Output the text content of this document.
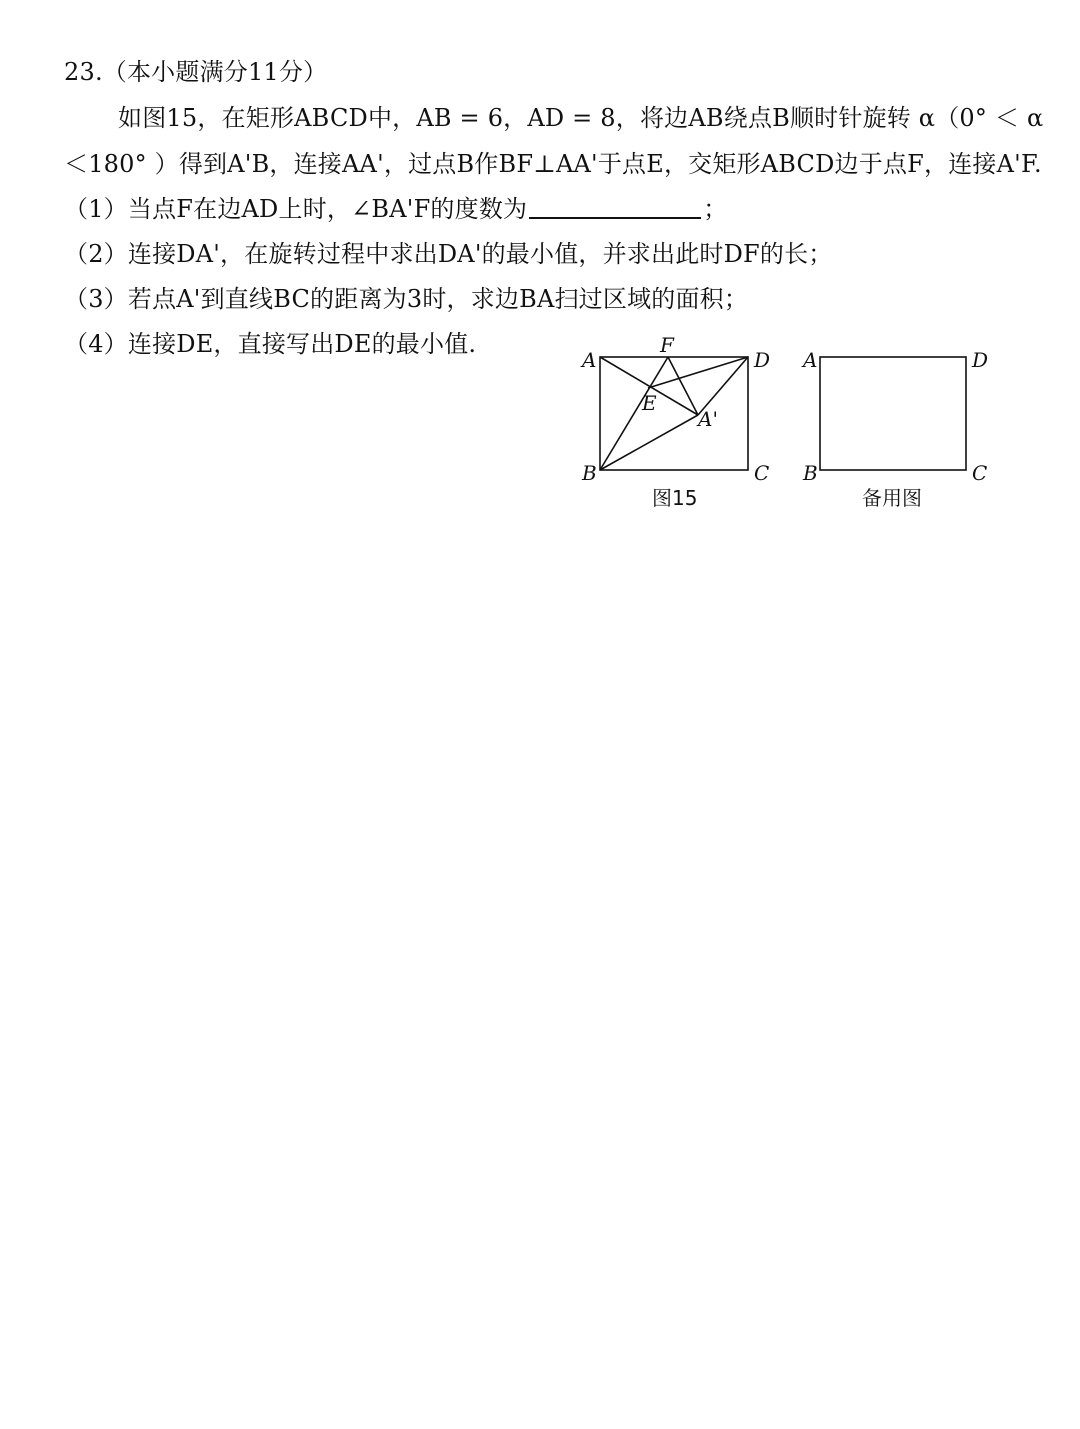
23.（本小题满分11分）
如图15，在矩形ABCD中，AB = 6，AD = 8，将边AB绕点B顺时针旋转 α（0° ＜ α
＜180° ）得到A'B，连接AA'，过点B作BF⊥AA'于点E，交矩形ABCD边于点F，连接A'F.
（1）当点F在边AD上时，∠BA'F的度数为	；
（2）连接DA'，在旋转过程中求出DA'的最小值，并求出此时DF的长；
（3）若点A'到直线BC的距离为3时，求边BA扫过区域的面积；
（4）连接DE，直接写出DE的最小值.
A	D
B	C
F
E
A'
图15
A	D
B	C
备用图
